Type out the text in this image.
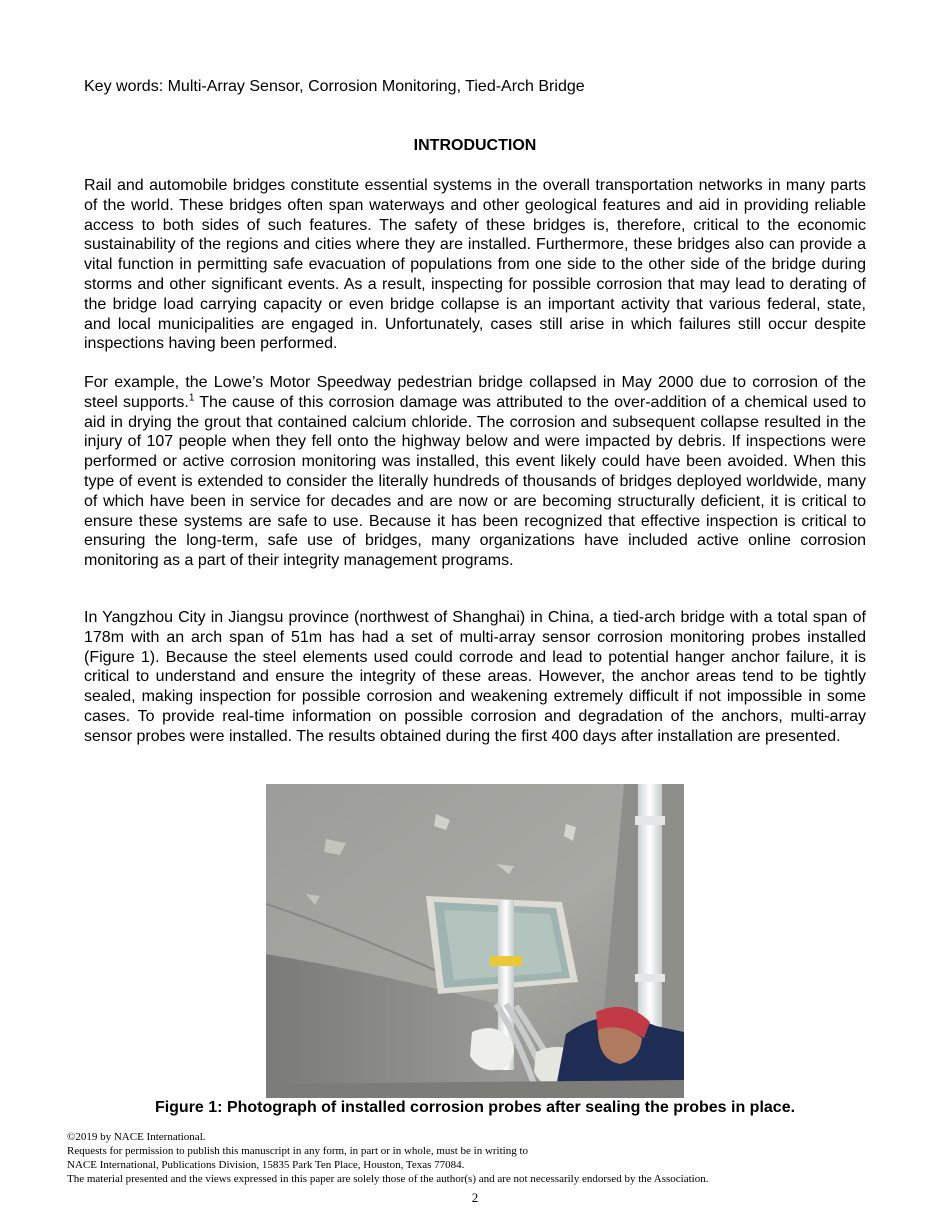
Key words: Multi-Array Sensor, Corrosion Monitoring, Tied-Arch Bridge
INTRODUCTION

Rail and automobile bridges constitute essential systems in the overall transportation networks in many parts of the world. These bridges often span waterways and other geological features and aid in providing reliable access to both sides of such features. The safety of these bridges is, therefore, critical to the economic sustainability of the regions and cities where they are installed. Furthermore, these bridges also can provide a vital function in permitting safe evacuation of populations from one side to the other side of the bridge during storms and other significant events. As a result, inspecting for possible corrosion that may lead to derating of the bridge load carrying capacity or even bridge collapse is an important activity that various federal, state, and local municipalities are engaged in. Unfortunately, cases still arise in which failures still occur despite inspections having been performed.

For example, the Lowe’s Motor Speedway pedestrian bridge collapsed in May 2000 due to corrosion of the steel supports.$^1$ The cause of this corrosion damage was attributed to the over-addition of a chemical used to aid in drying the grout that contained calcium chloride. The corrosion and subsequent collapse resulted in the injury of 107 people when they fell onto the highway below and were impacted by debris. If inspections were performed or active corrosion monitoring was installed, this event likely could have been avoided. When this type of event is extended to consider the literally hundreds of thousands of bridges deployed worldwide, many of which have been in service for decades and are now or are becoming structurally deficient, it is critical to ensure these systems are safe to use. Because it has been recognized that effective inspection is critical to ensuring the long-term, safe use of bridges, many organizations have included active online corrosion monitoring as a part of their integrity management programs.

In Yangzhou City in Jiangsu province (northwest of Shanghai) in China, a tied-arch bridge with a total span of 178m with an arch span of 51m has had a set of multi-array sensor corrosion monitoring probes installed (Figure 1). Because the steel elements used could corrode and lead to potential hanger anchor failure, it is critical to understand and ensure the integrity of these areas. However, the anchor areas tend to be tightly sealed, making inspection for possible corrosion and weakening extremely difficult if not impossible in some cases. To provide real-time information on possible corrosion and degradation of the anchors, multi-array sensor probes were installed. The results obtained during the first 400 days after installation are presented.

Figure 1: Photograph of installed corrosion probes after sealing the probes in place.
©2019 by NACE International.
Requests for permission to publish this manuscript in any form, in part or in whole, must be in writing to
NACE International, Publications Division, 15835 Park Ten Place, Houston, Texas 77084.
The material presented and the views expressed in this paper are solely those of the author(s) and are not necessarily endorsed by the Association.
2
